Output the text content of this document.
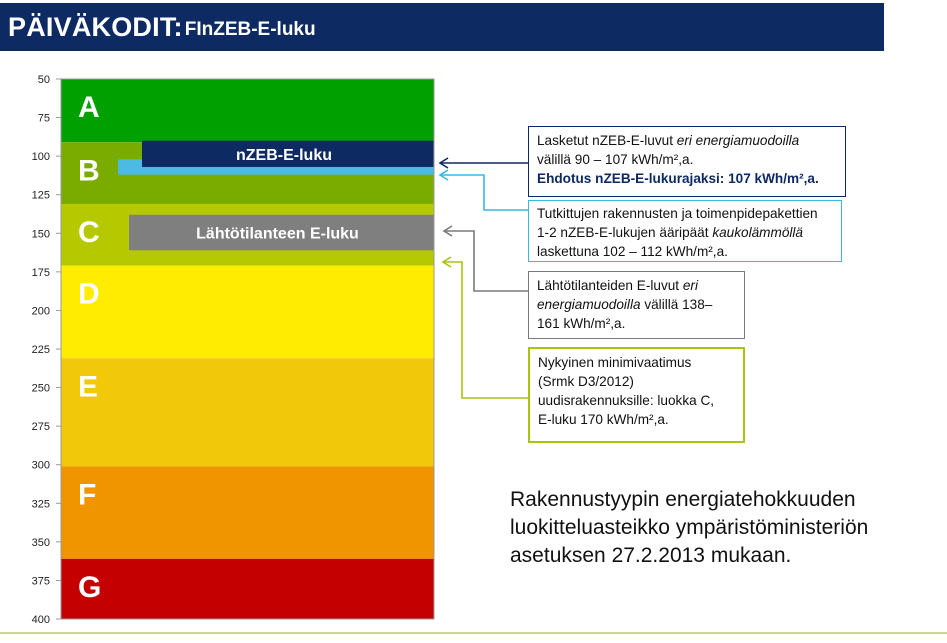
PÄIVÄKODIT: FInZEB-E-luku
A
B
C
D
E
F
G
nZEB-E-luku
Lähtötilanteen E-luku
50
75
100
125
150
175
200
225
250
275
300
325
350
375
400
Lasketut nZEB-E-luvut eri energiamuodoilla
välillä 90 – 107 kWh/m²,a.
Ehdotus nZEB-E-lukurajaksi: 107 kWh/m²,a.
Tutkittujen rakennusten ja toimenpidepakettien
1-2 nZEB-E-lukujen ääripäät kaukolämmöllä
laskettuna 102 – 112 kWh/m²,a.
Lähtötilanteiden E-luvut eri
energiamuodoilla välillä 138–
161 kWh/m²,a.
Nykyinen minimivaatimus
(Srmk D3/2012)
uudisrakennuksille: luokka C,
E-luku 170 kWh/m²,a.
Rakennustyypin energiatehokkuuden
luokitteluasteikko ympäristöministeriön
asetuksen 27.2.2013 mukaan.
